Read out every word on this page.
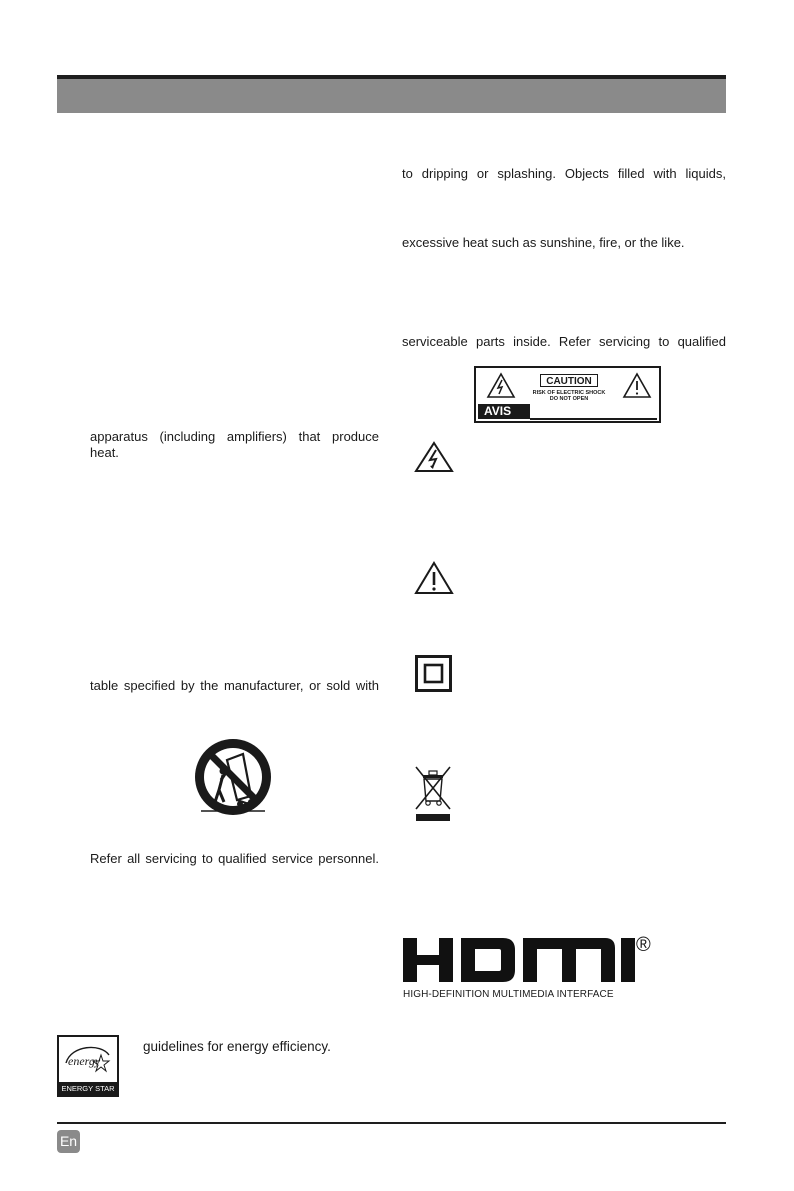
apparatus (including amplifiers) that produce heat.
table specified by the manufacturer, or sold with
Refer all servicing to qualified service personnel.
energy
ENERGY STAR
guidelines for energy efficiency.
to dripping or splashing. Objects filled with liquids,
excessive heat such as sunshine, fire, or the like.
serviceable parts inside. Refer servicing to qualified
CAUTION
RISK OF ELECTRIC SHOCK
DO NOT OPEN
AVIS
®
HIGH-DEFINITION MULTIMEDIA INTERFACE
En
